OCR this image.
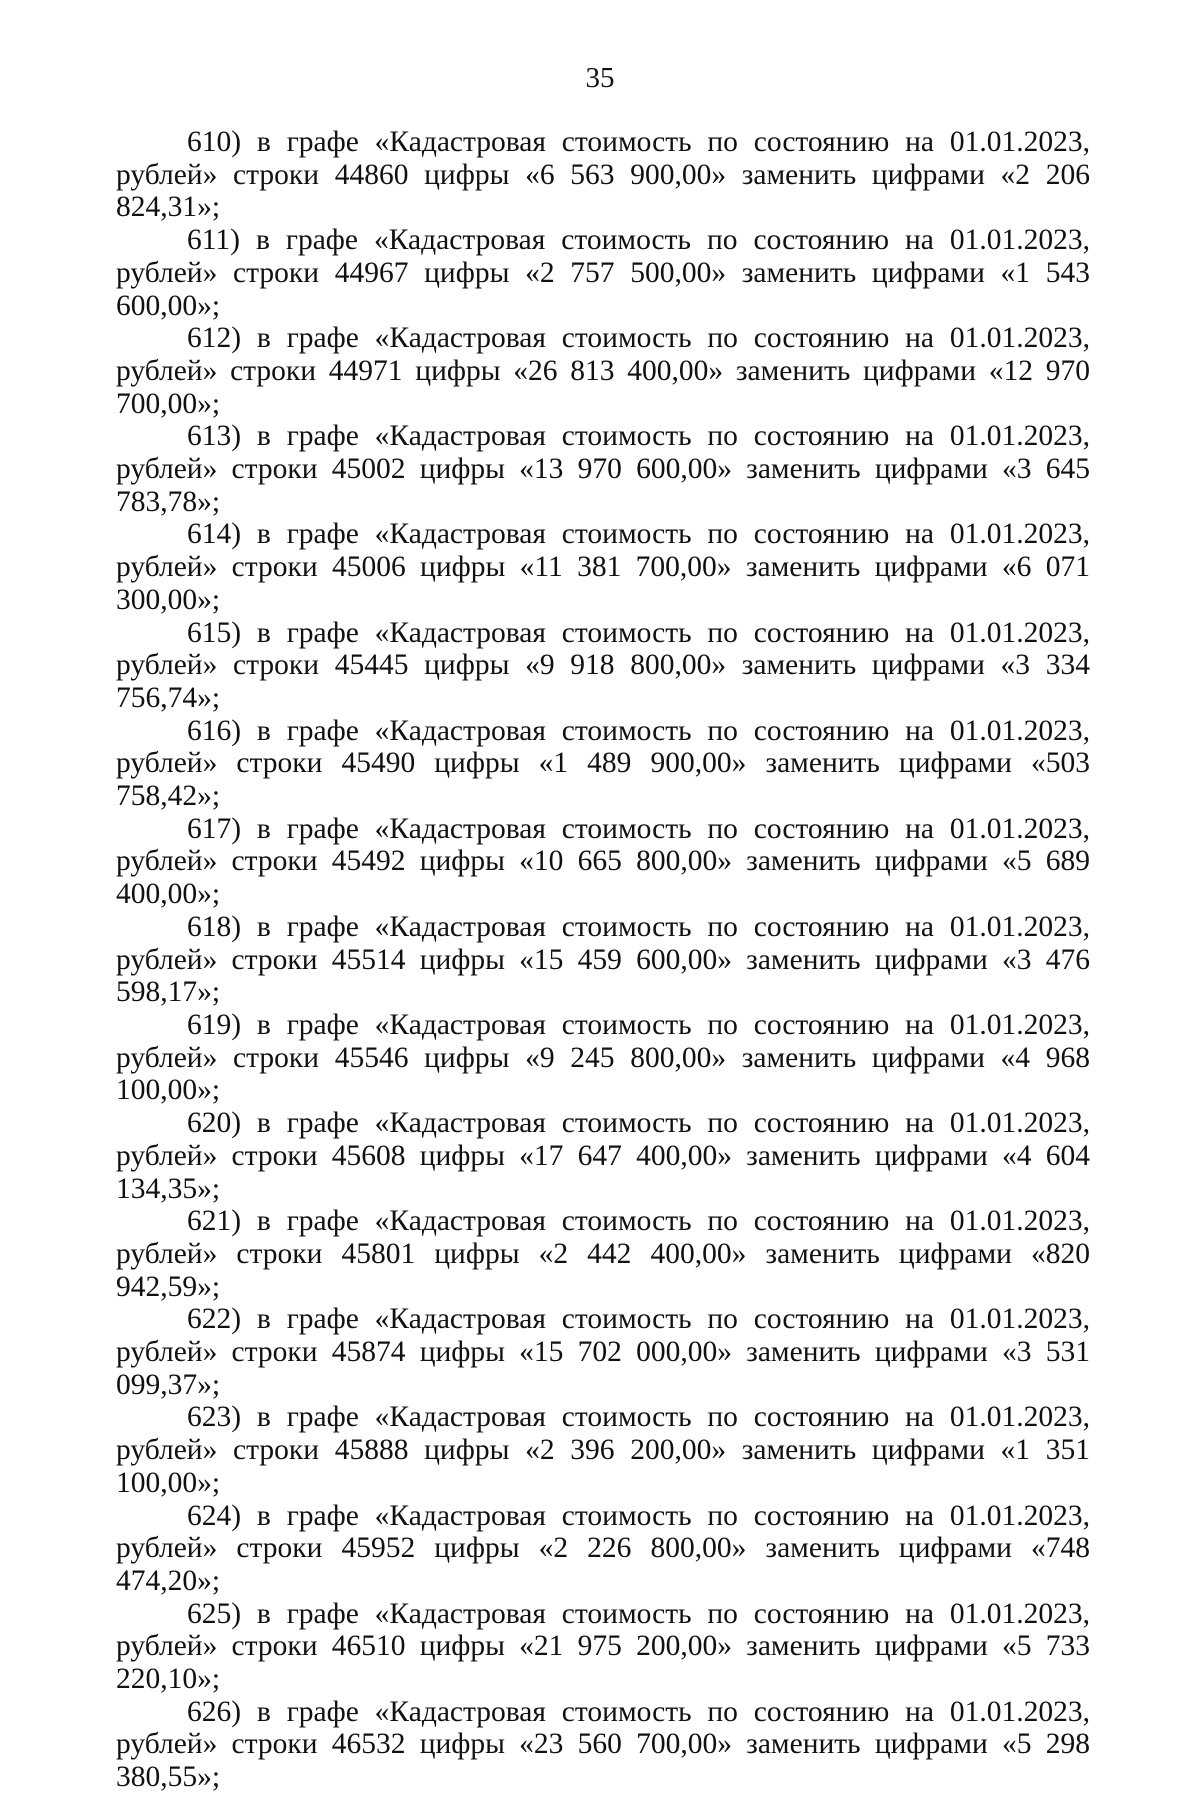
35

610) в графе «Кадастровая стоимость по состоянию на 01.01.2023, рублей» строки 44860 цифры «6 563 900,00» заменить цифрами «2 206 824,31»;

611) в графе «Кадастровая стоимость по состоянию на 01.01.2023, рублей» строки 44967 цифры «2 757 500,00» заменить цифрами «1 543 600,00»;

612) в графе «Кадастровая стоимость по состоянию на 01.01.2023, рублей» строки 44971 цифры «26 813 400,00» заменить цифрами «12 970 700,00»;

613) в графе «Кадастровая стоимость по состоянию на 01.01.2023, рублей» строки 45002 цифры «13 970 600,00» заменить цифрами «3 645 783,78»;

614) в графе «Кадастровая стоимость по состоянию на 01.01.2023, рублей» строки 45006 цифры «11 381 700,00» заменить цифрами «6 071 300,00»;

615) в графе «Кадастровая стоимость по состоянию на 01.01.2023, рублей» строки 45445 цифры «9 918 800,00» заменить цифрами «3 334 756,74»;

616) в графе «Кадастровая стоимость по состоянию на 01.01.2023, рублей» строки 45490 цифры «1 489 900,00» заменить цифрами «503 758,42»;

617) в графе «Кадастровая стоимость по состоянию на 01.01.2023, рублей» строки 45492 цифры «10 665 800,00» заменить цифрами «5 689 400,00»;

618) в графе «Кадастровая стоимость по состоянию на 01.01.2023, рублей» строки 45514 цифры «15 459 600,00» заменить цифрами «3 476 598,17»;

619) в графе «Кадастровая стоимость по состоянию на 01.01.2023, рублей» строки 45546 цифры «9 245 800,00» заменить цифрами «4 968 100,00»;

620) в графе «Кадастровая стоимость по состоянию на 01.01.2023, рублей» строки 45608 цифры «17 647 400,00» заменить цифрами «4 604 134,35»;

621) в графе «Кадастровая стоимость по состоянию на 01.01.2023, рублей» строки 45801 цифры «2 442 400,00» заменить цифрами «820 942,59»;

622) в графе «Кадастровая стоимость по состоянию на 01.01.2023, рублей» строки 45874 цифры «15 702 000,00» заменить цифрами «3 531 099,37»;

623) в графе «Кадастровая стоимость по состоянию на 01.01.2023, рублей» строки 45888 цифры «2 396 200,00» заменить цифрами «1 351 100,00»;

624) в графе «Кадастровая стоимость по состоянию на 01.01.2023, рублей» строки 45952 цифры «2 226 800,00» заменить цифрами «748 474,20»;

625) в графе «Кадастровая стоимость по состоянию на 01.01.2023, рублей» строки 46510 цифры «21 975 200,00» заменить цифрами «5 733 220,10»;

626) в графе «Кадастровая стоимость по состоянию на 01.01.2023, рублей» строки 46532 цифры «23 560 700,00» заменить цифрами «5 298 380,55»;
